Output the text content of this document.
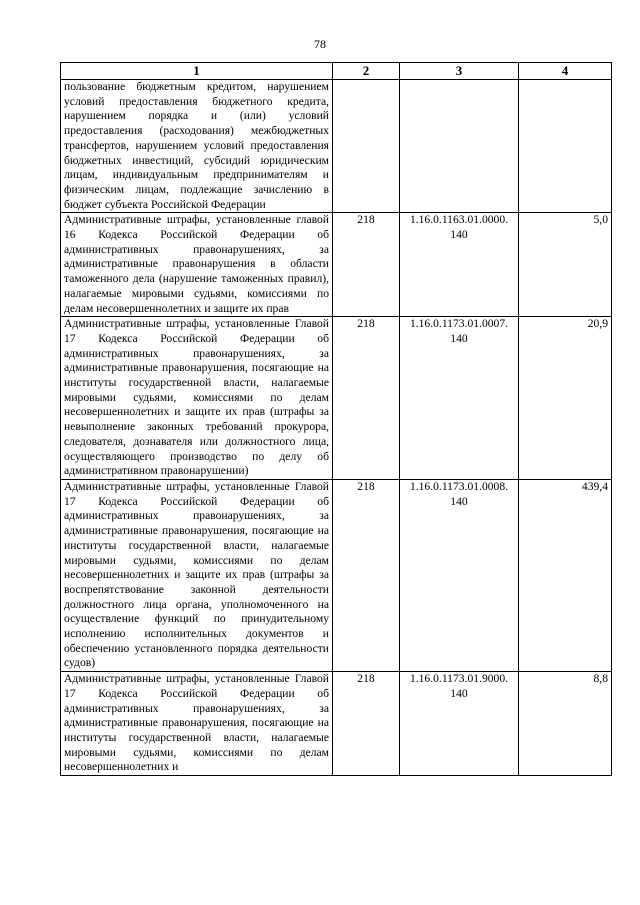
78
1	2	3	4
пользование бюджетным кредитом, нарушением условий предоставления бюджетного кредита, нарушением порядка и (или) условий предоставления (расходования) межбюджетных трансфертов, нарушением условий предоставления бюджетных инвестиций, субсидий юридическим лицам, индивидуальным предпринимателям и физическим лицам, подлежащие зачислению в бюджет субъекта Российской Федерации			
Административные штрафы, установленные главой 16 Кодекса Российской Федерации об административных правонарушениях, за административные правонарушения в области таможенного дела (нарушение таможенных правил), налагаемые мировыми судьями, комиссиями по делам несовершеннолетних и защите их прав	218	1.16.0.1163.01.0000. 140	5,0
Административные штрафы, установленные Главой 17 Кодекса Российской Федерации об административных правонарушениях, за административные правонарушения, посягающие на институты государственной власти, налагаемые мировыми судьями, комиссиями по делам несовершеннолетних и защите их прав (штрафы за невыполнение законных требований прокурора, следователя, дознавателя или должностного лица, осуществляющего производство по делу об административном правонарушении)	218	1.16.0.1173.01.0007. 140	20,9
Административные штрафы, установленные Главой 17 Кодекса Российской Федерации об административных правонарушениях, за административные правонарушения, посягающие на институты государственной власти, налагаемые мировыми судьями, комиссиями по делам несовершеннолетних и защите их прав (штрафы за воспрепятствование законной деятельности должностного лица органа, уполномоченного на осуществление функций по принудительному исполнению исполнительных документов и обеспечению установленного порядка деятельности судов)	218	1.16.0.1173.01.0008. 140	439,4
Административные штрафы, установленные Главой 17 Кодекса Российской Федерации об административных правонарушениях, за административные правонарушения, посягающие на институты государственной власти, налагаемые мировыми судьями, комиссиями по делам несовершеннолетних и	218	1.16.0.1173.01.9000. 140	8,8
